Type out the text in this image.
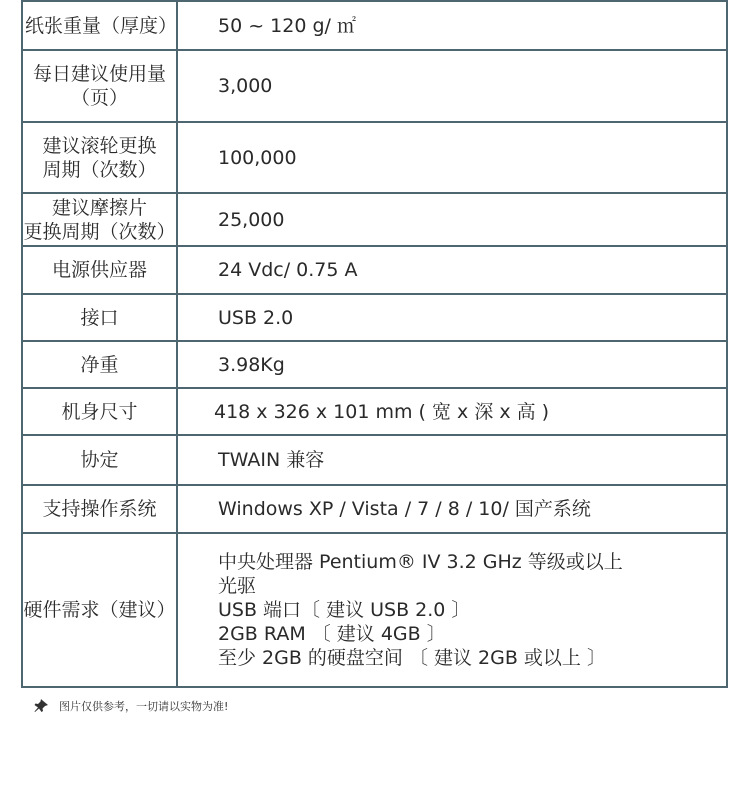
纸张重量（厚度）	50 ~ 120 g/ ㎡

每日建议使用量
（页）	3,000

建议滚轮更换
周期（次数）	100,000

建议摩擦片
更换周期（次数）	25,000
电源供应器	24 Vdc/ 0.75 A
接口	USB 2.0
净重	3.98Kg
机身尺寸	418 x 326 x 101 mm ( 宽 x 深 x 高 )
协定	TWAIN 兼容
支持操作系统	Windows XP / Vista / 7 / 8 / 10/ 国产系统
硬件需求（建议）	中央处理器 Pentium® IV 3.2 GHz 等级或以上
光驱
USB 端口〔 建议 USB 2.0 〕
2GB RAM 〔 建议 4GB 〕
至少 2GB 的硬盘空间 〔 建议 2GB 或以上 〕
图片仅供参考，一切请以实物为准!
